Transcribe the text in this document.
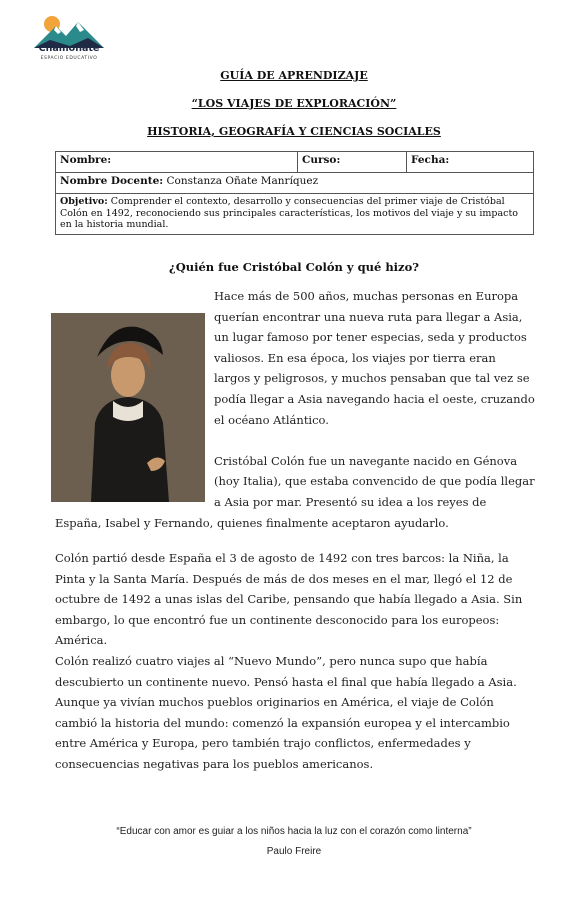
Chamonate
ESPACIO EDUCATIVO
GUÍA DE APRENDIZAJE
“LOS VIAJES DE EXPLORACIÓN”
HISTORIA, GEOGRAFÍA Y CIENCIAS SOCIALES
Nombre:	Curso:	Fecha:
Nombre Docente: Constanza Oñate Manríquez
Objetivo: Comprender el contexto, desarrollo y consecuencias del primer viaje de Cristóbal Colón en 1492, reconociendo sus principales características, los motivos del viaje y su impacto en la historia mundial.
¿Quién fue Cristóbal Colón y qué hizo?

Hace más de 500 años, muchas personas en Europa querían encontrar una nueva ruta para llegar a Asia, un lugar famoso por tener especias, seda y productos valiosos. En esa época, los viajes por tierra eran largos y peligrosos, y muchos pensaban que tal vez se podía llegar a Asia navegando hacia el oeste, cruzando el océano Atlántico.

Cristóbal Colón fue un navegante nacido en Génova (hoy Italia), que estaba convencido de que podía llegar a Asia por mar. Presentó su idea a los reyes de España, Isabel y Fernando, quienes finalmente aceptaron ayudarlo.

Colón partió desde España el 3 de agosto de 1492 con tres barcos: la Niña, la Pinta y la Santa María. Después de más de dos meses en el mar, llegó el 12 de octubre de 1492 a unas islas del Caribe, pensando que había llegado a Asia. Sin embargo, lo que encontró fue un continente desconocido para los europeos: América.

Colón realizó cuatro viajes al “Nuevo Mundo”, pero nunca supo que había descubierto un continente nuevo. Pensó hasta el final que había llegado a Asia. Aunque ya vivían muchos pueblos originarios en América, el viaje de Colón cambió la historia del mundo: comenzó la expansión europea y el intercambio entre América y Europa, pero también trajo conflictos, enfermedades y consecuencias negativas para los pueblos americanos.

“Educar con amor es guiar a los niños hacia la luz con el corazón como linterna”
Paulo Freire
